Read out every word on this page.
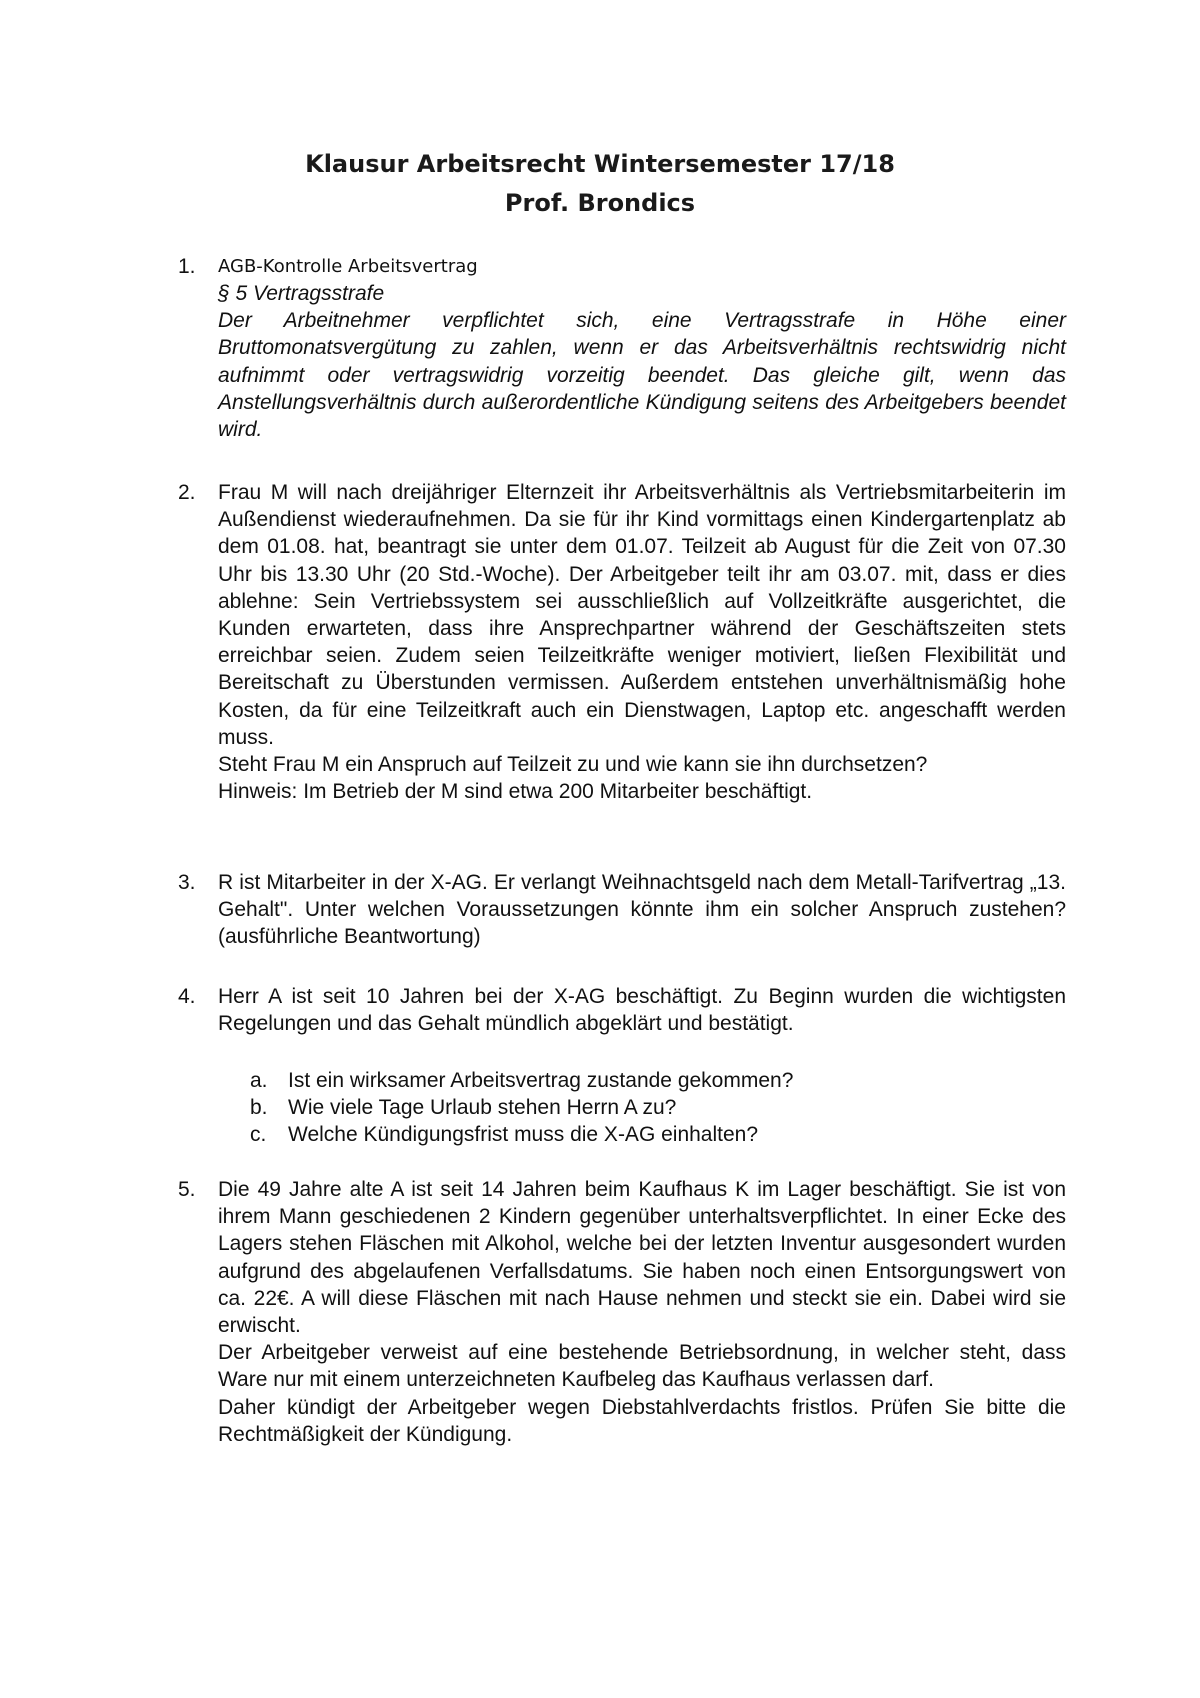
Klausur Arbeitsrecht Wintersemester 17/18
Prof. Brondics
1. AGB-Kontrolle Arbeitsvertrag

§ 5 Vertragsstrafe

Der Arbeitnehmer verpflichtet sich, eine Vertragsstrafe in Höhe einer Bruttomonatsvergütung zu zahlen, wenn er das Arbeitsverhältnis rechtswidrig nicht aufnimmt oder vertragswidrig vorzeitig beendet. Das gleiche gilt, wenn das Anstellungsverhältnis durch außerordentliche Kündigung seitens des Arbeitgebers beendet wird.

2. Frau M will nach dreijähriger Elternzeit ihr Arbeitsverhältnis als Vertriebsmitarbeiterin im Außendienst wiederaufnehmen. Da sie für ihr Kind vormittags einen Kindergartenplatz ab dem 01.08. hat, beantragt sie unter dem 01.07. Teilzeit ab August für die Zeit von 07.30 Uhr bis 13.30 Uhr (20 Std.-Woche). Der Arbeitgeber teilt ihr am 03.07. mit, dass er dies ablehne: Sein Vertriebssystem sei ausschließlich auf Vollzeitkräfte ausgerichtet, die Kunden erwarteten, dass ihre Ansprechpartner während der Geschäftszeiten stets erreichbar seien. Zudem seien Teilzeitkräfte weniger motiviert, ließen Flexibilität und Bereitschaft zu Überstunden vermissen. Außerdem entstehen unverhältnismäßig hohe Kosten, da für eine Teilzeitkraft auch ein Dienstwagen, Laptop etc. angeschafft werden muss.

Steht Frau M ein Anspruch auf Teilzeit zu und wie kann sie ihn durchsetzen?

Hinweis: Im Betrieb der M sind etwa 200 Mitarbeiter beschäftigt.

3. R ist Mitarbeiter in der X-AG. Er verlangt Weihnachtsgeld nach dem Metall-Tarifvertrag „13. Gehalt". Unter welchen Voraussetzungen könnte ihm ein solcher Anspruch zustehen? (ausführliche Beantwortung)

4. Herr A ist seit 10 Jahren bei der X-AG beschäftigt. Zu Beginn wurden die wichtigsten Regelungen und das Gehalt mündlich abgeklärt und bestätigt.

a. Ist ein wirksamer Arbeitsvertrag zustande gekommen?
b. Wie viele Tage Urlaub stehen Herrn A zu?
c.	Welche Kündigungsfrist muss die X-AG einhalten?
5. Die 49 Jahre alte A ist seit 14 Jahren beim Kaufhaus K im Lager beschäftigt. Sie ist von ihrem Mann geschiedenen 2 Kindern gegenüber unterhaltsverpflichtet. In einer Ecke des Lagers stehen Fläschen mit Alkohol, welche bei der letzten Inventur ausgesondert wurden aufgrund des abgelaufenen Verfallsdatums. Sie haben noch einen Entsorgungswert von ca. 22€. A will diese Fläschen mit nach Hause nehmen und steckt sie ein. Dabei wird sie erwischt.

Der Arbeitgeber verweist auf eine bestehende Betriebsordnung, in welcher steht, dass Ware nur mit einem unterzeichneten Kaufbeleg das Kaufhaus verlassen darf.

Daher kündigt der Arbeitgeber wegen Diebstahlverdachts fristlos. Prüfen Sie bitte die Rechtmäßigkeit der Kündigung.
